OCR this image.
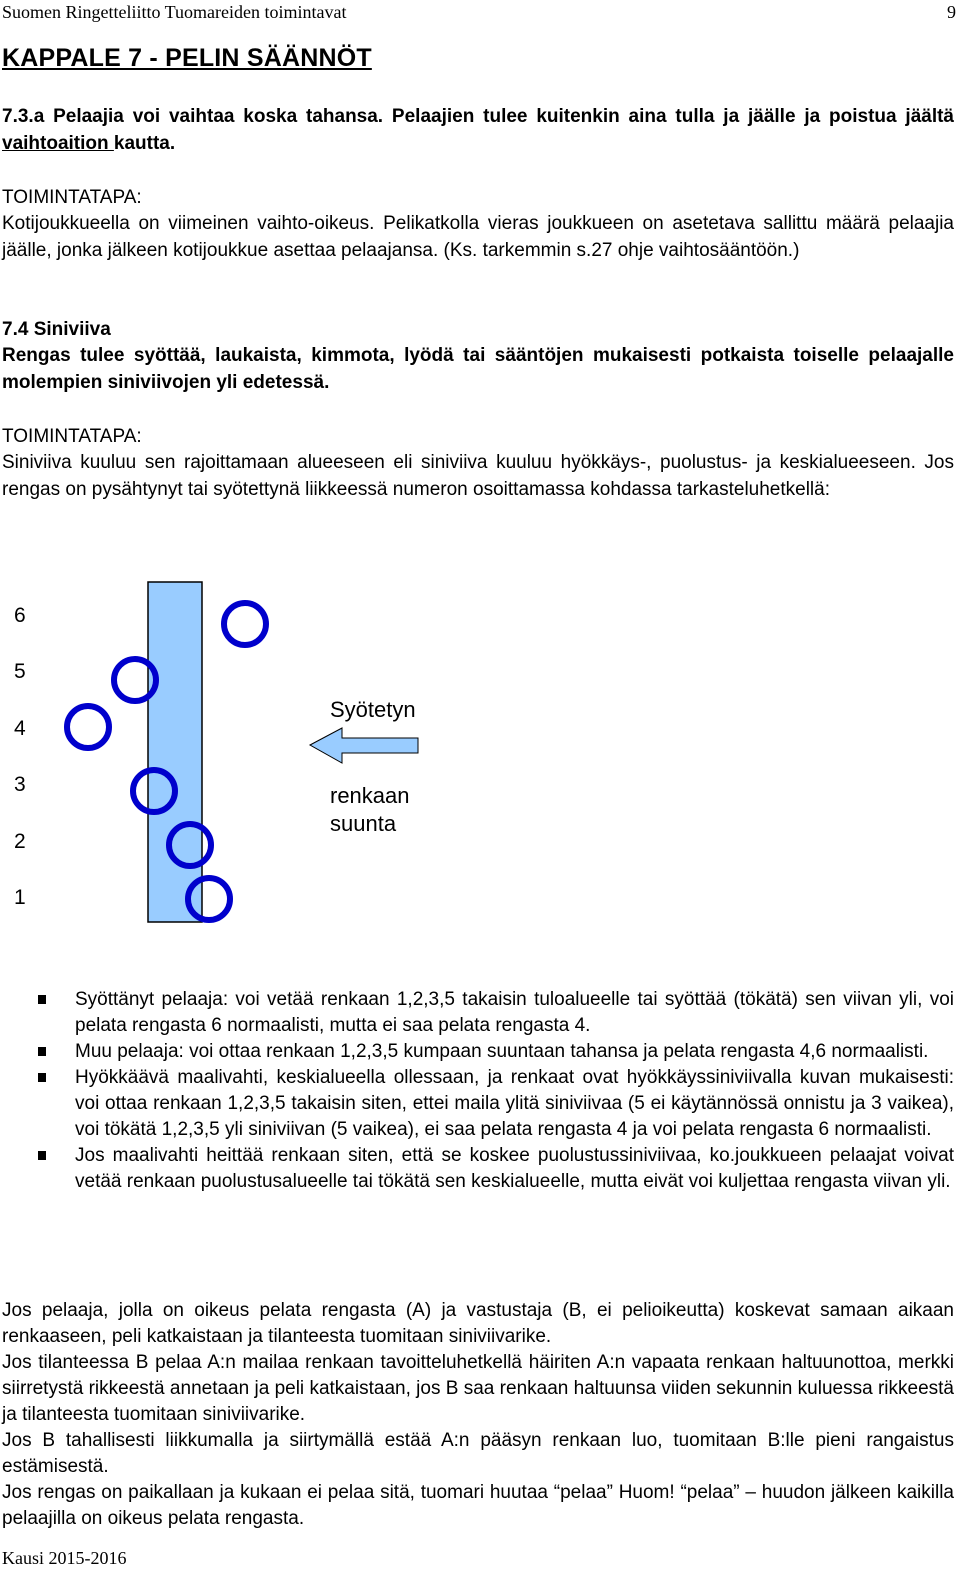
Suomen Ringetteliitto Tuomareiden toimintavat	9
KAPPALE 7 - PELIN SÄÄNNÖT
7.3.a Pelaajia voi vaihtaa koska tahansa. Pelaajien tulee kuitenkin aina tulla ja jäälle ja poistua jäältä vaihtoaition kautta.
TOIMINTATAPA:
Kotijoukkueella on viimeinen vaihto-oikeus. Pelikatkolla vieras joukkueen on asetetava sallittu määrä pelaajia jäälle, jonka jälkeen kotijoukkue asettaa pelaajansa. (Ks. tarkemmin s.27 ohje vaihtosääntöön.)
7.4 Siniviiva
Rengas tulee syöttää, laukaista, kimmota, lyödä tai sääntöjen mukaisesti potkaista toiselle pelaajalle molempien siniviivojen yli edetessä.
TOIMINTATAPA:
Siniviiva kuuluu sen rajoittamaan alueeseen eli siniviiva kuuluu hyökkäys-, puolustus- ja keskialueeseen. Jos rengas on pysähtynyt tai syötettynä liikkeessä numeron osoittamassa kohdassa tarkasteluhetkellä:
6
5
4
3
2
1
Syötetyn
renkaan
suunta
Syöttänyt pelaaja: voi vetää renkaan 1,2,3,5 takaisin tuloalueelle tai syöttää (tökätä) sen viivan yli, voi pelata rengasta 6 normaalisti, mutta ei saa pelata rengasta 4.
Muu pelaaja: voi ottaa renkaan 1,2,3,5 kumpaan suuntaan tahansa ja pelata rengasta 4,6 normaalisti.
Hyökkäävä maalivahti, keskialueella ollessaan, ja renkaat ovat hyökkäyssiniviivalla kuvan mukaisesti: voi ottaa renkaan 1,2,3,5 takaisin siten, ettei maila ylitä siniviivaa (5 ei käytännössä onnistu ja 3 vaikea), voi tökätä 1,2,3,5 yli siniviivan (5 vaikea), ei saa pelata rengasta 4 ja voi pelata rengasta 6 normaalisti.
Jos maalivahti heittää renkaan siten, että se koskee puolustussiniviivaa, ko.joukkueen pelaajat voivat vetää renkaan puolustusalueelle tai tökätä sen keskialueelle, mutta eivät voi kuljettaa rengasta viivan yli.

Jos pelaaja, jolla on oikeus pelata rengasta (A) ja vastustaja (B, ei pelioikeutta) koskevat samaan aikaan renkaaseen, peli katkaistaan ja tilanteesta tuomitaan siniviivarike.

Jos tilanteessa B pelaa A:n mailaa renkaan tavoitteluhetkellä häiriten A:n vapaata renkaan haltuunottoa, merkki siirretystä rikkeestä annetaan ja peli katkaistaan, jos B saa renkaan haltuunsa viiden sekunnin kuluessa rikkeestä ja tilanteesta tuomitaan siniviivarike.

Jos B tahallisesti liikkumalla ja siirtymällä estää A:n pääsyn renkaan luo, tuomitaan B:lle pieni rangaistus estämisestä.

Jos rengas on paikallaan ja kukaan ei pelaa sitä, tuomari huutaa “pelaa” Huom! “pelaa” – huudon jälkeen kaikilla pelaajilla on oikeus pelata rengasta.

Kausi 2015-2016
